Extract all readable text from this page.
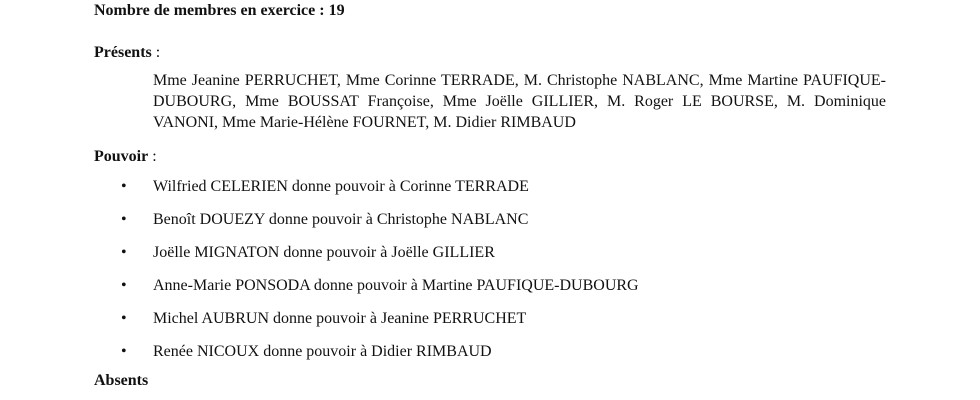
Nombre de membres en exercice : 19
Présents :
Mme Jeanine PERRUCHET, Mme Corinne TERRADE, M. Christophe NABLANC, Mme Martine PAUFIQUE-DUBOURG, Mme BOUSSAT Françoise, Mme Joëlle GILLIER, M. Roger LE BOURSE, M. Dominique VANONI, Mme Marie-Hélène FOURNET, M. Didier RIMBAUD
Pouvoir :
• Wilfried CELERIEN donne pouvoir à Corinne TERRADE
• Benoît DOUEZY donne pouvoir à Christophe NABLANC
• Joëlle MIGNATON donne pouvoir à Joëlle GILLIER
• Anne-Marie PONSODA donne pouvoir à Martine PAUFIQUE-DUBOURG
• Michel AUBRUN donne pouvoir à Jeanine PERRUCHET
• Renée NICOUX donne pouvoir à Didier RIMBAUD
Absents
